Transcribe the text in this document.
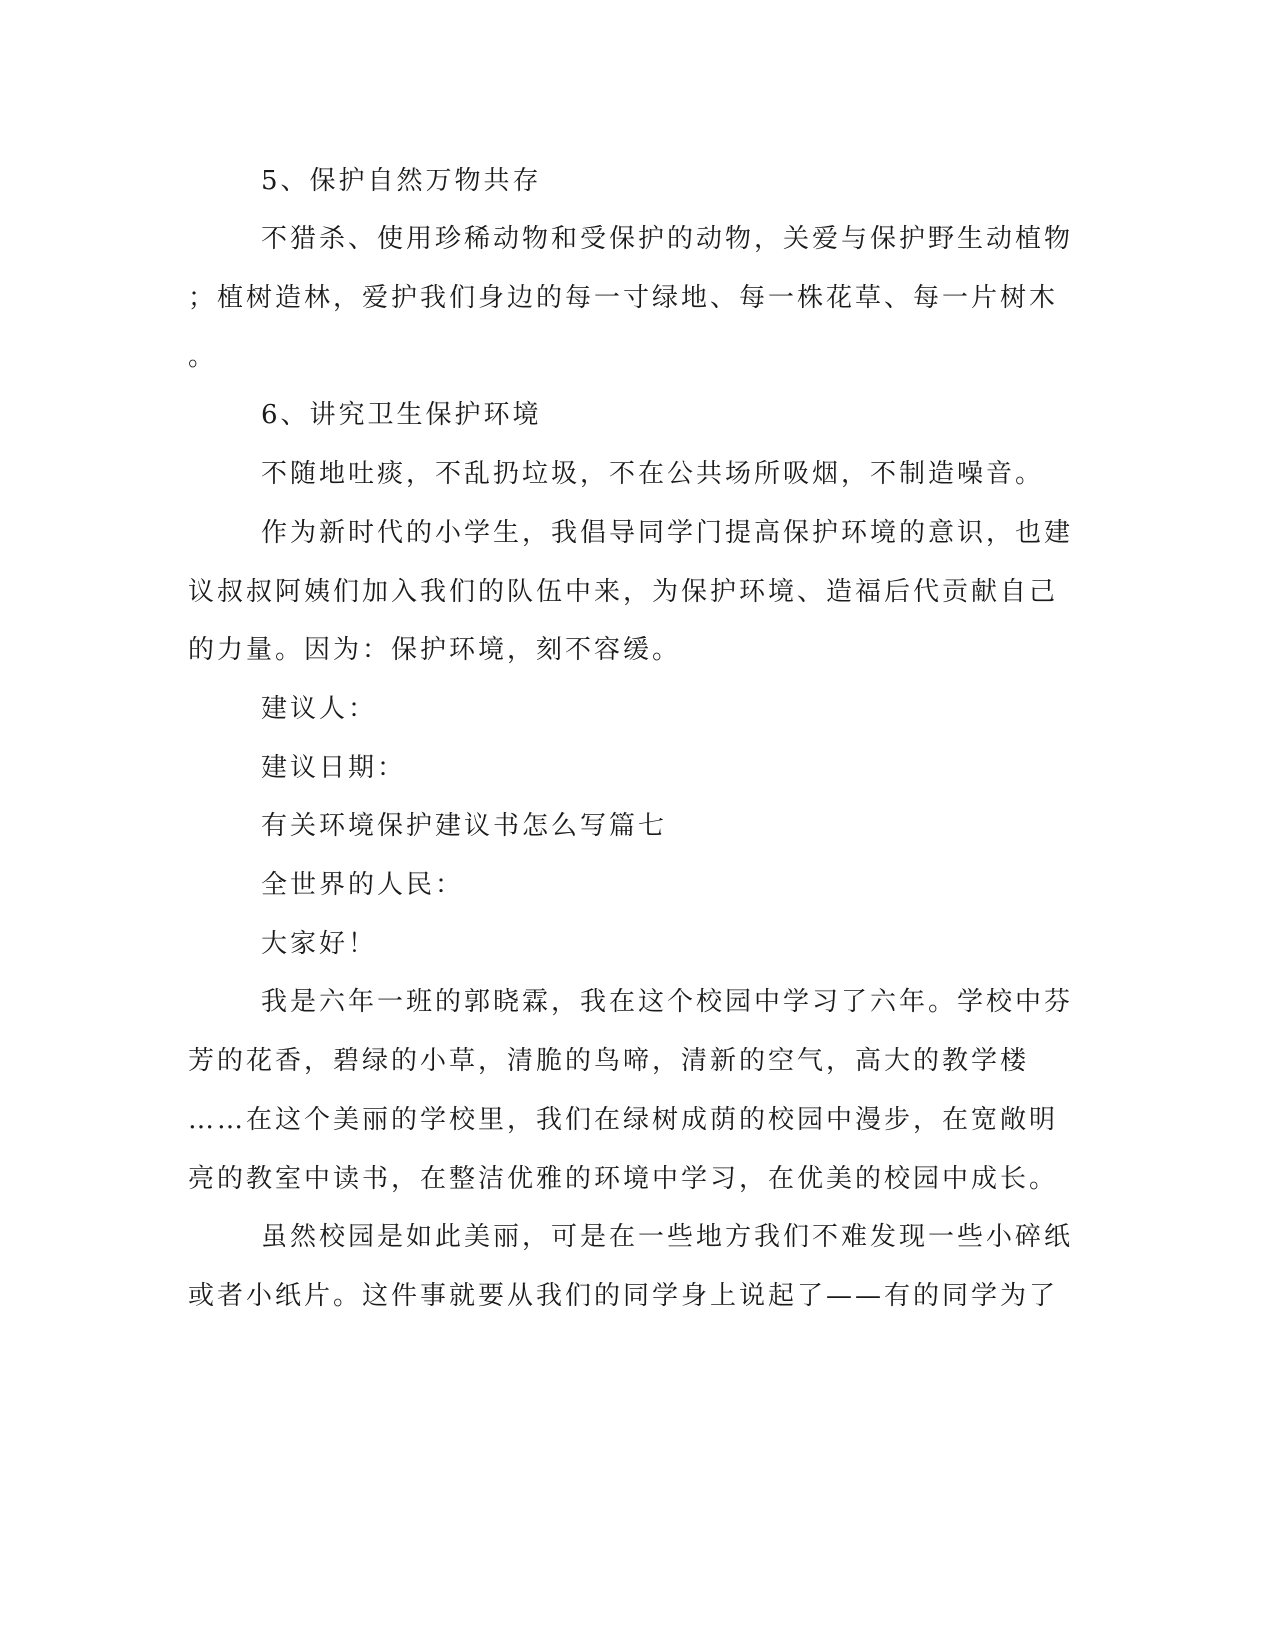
5、保护自然万物共存
不猎杀、使用珍稀动物和受保护的动物，关爱与保护野生动植物
；植树造林，爱护我们身边的每一寸绿地、每一株花草、每一片树木
。
6、讲究卫生保护环境
不随地吐痰，不乱扔垃圾，不在公共场所吸烟，不制造噪音。
作为新时代的小学生，我倡导同学门提高保护环境的意识，也建
议叔叔阿姨们加入我们的队伍中来，为保护环境、造福后代贡献自己
的力量。因为：保护环境，刻不容缓。
建议人：
建议日期：
有关环境保护建议书怎么写篇七
全世界的人民：
大家好！
我是六年一班的郭晓霖，我在这个校园中学习了六年。学校中芬
芳的花香，碧绿的小草，清脆的鸟啼，清新的空气，高大的教学楼
……在这个美丽的学校里，我们在绿树成荫的校园中漫步，在宽敞明
亮的教室中读书，在整洁优雅的环境中学习，在优美的校园中成长。
虽然校园是如此美丽，可是在一些地方我们不难发现一些小碎纸
或者小纸片。这件事就要从我们的同学身上说起了——有的同学为了
